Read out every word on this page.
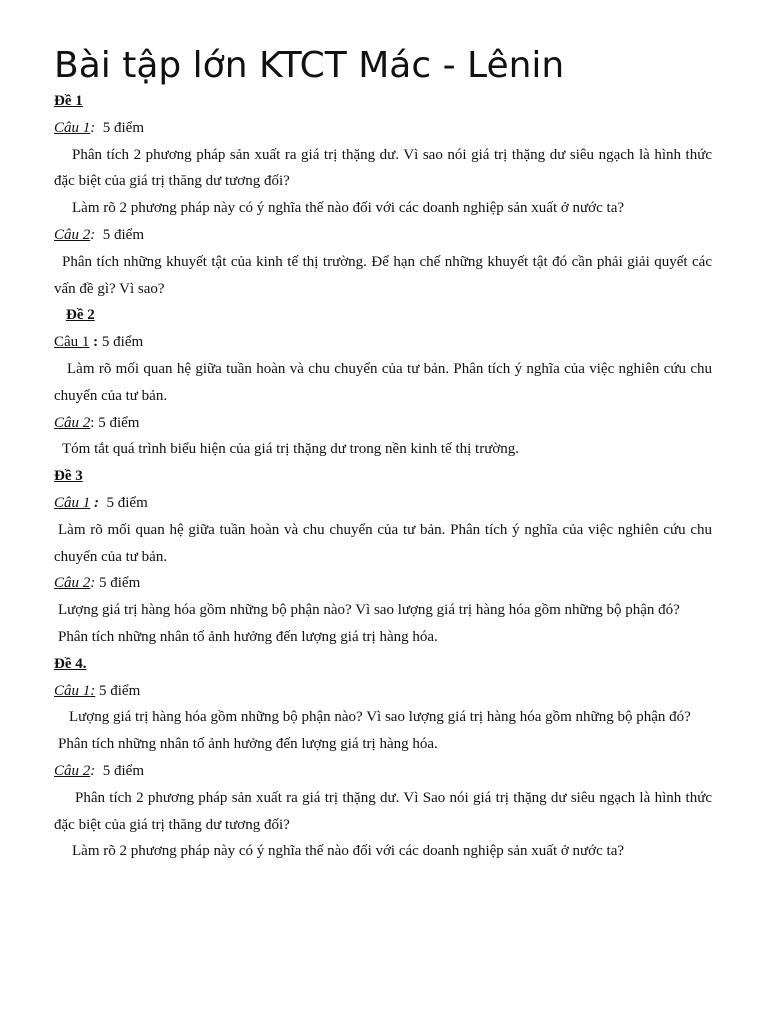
Bài tập lớn KTCT Mác - Lênin

Đề 1

Câu 1: 5 điểm

Phân tích 2 phương pháp sản xuất ra giá trị thặng dư. Vì sao nói giá trị thặng dư siêu ngạch là hình thức đặc biệt của giá trị thăng dư tương đối?

Làm rõ 2 phương pháp này có ý nghĩa thế nào đối với các doanh nghiệp sản xuất ở nước ta?

Câu 2: 5 điểm

Phân tích những khuyết tật của kinh tế thị trường. Để hạn chế những khuyết tật đó cần phải giải quyết các vấn đề gì? Vì sao?

Đề 2

Câu 1 : 5 điểm

Làm rõ mối quan hệ giữa tuần hoàn và chu chuyển của tư bản. Phân tích ý nghĩa của việc nghiên cứu chu chuyển của tư bản.

Câu 2: 5 điểm

Tóm tắt quá trình biểu hiện của giá trị thặng dư trong nền kinh tế thị trường.

Đề 3

Câu 1 : 5 điểm

Làm rõ mối quan hệ giữa tuần hoàn và chu chuyển của tư bản. Phân tích ý nghĩa của việc nghiên cứu chu chuyển của tư bản.

Câu 2: 5 điểm

Lượng giá trị hàng hóa gồm những bộ phận nào? Vì sao lượng giá trị hàng hóa gồm những bộ phận đó?

Phân tích những nhân tố ảnh hưởng đến lượng giá trị hàng hóa.

Đề 4.

Câu 1: 5 điểm

Lượng giá trị hàng hóa gồm những bộ phận nào? Vì sao lượng giá trị hàng hóa gồm những bộ phận đó?

Phân tích những nhân tố ảnh hưởng đến lượng giá trị hàng hóa.

Câu 2: 5 điểm

Phân tích 2 phương pháp sản xuất ra giá trị thặng dư. Vì Sao nói giá trị thặng dư siêu ngạch là hình thức đặc biệt của giá trị thăng dư tương đối?

Làm rõ 2 phương pháp này có ý nghĩa thế nào đối với các doanh nghiệp sản xuất ở nước ta?
